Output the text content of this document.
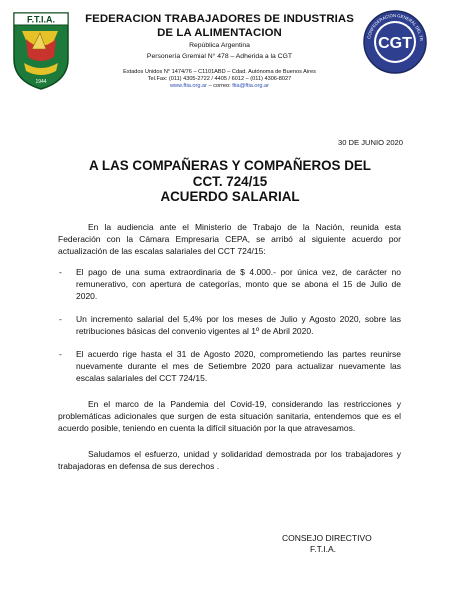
F.T.I.A.
1944
FEDERACION TRABAJADORES DE INDUSTRIAS
DE LA ALIMENTACION
República Argentina
Personería Gremial N° 478 – Adherida a la CGT
Estados Unidos N° 1474/76 – C1101ABD – Cdad. Autónoma de Buenos Aires
Tel.Fax: (011) 4305-2722 / 4405 / 6012 – (011) 4306-8027
www.ftia.org.ar – correo: ftia@ftia.org.ar
CGT
CONFEDERACION GENERAL DEL TR
30 DE JUNIO 2020
A LAS COMPAÑERAS Y COMPAÑEROS DEL
CCT. 724/15
ACUERDO SALARIAL

En la audiencia ante el Ministerio de Trabajo de la Nación, reunida esta Federación con la Cámara Empresaria CEPA, se arribó al siguiente acuerdo por actualización de las escalas salariales del CCT 724/15:

- El pago de una suma extraordinaria de $ 4.000.- por única vez, de carácter no remunerativo, con apertura de categorías, monto que se abona el 15 de Julio de 2020.
- Un incremento salarial del 5,4% por los meses de Julio y Agosto 2020, sobre las retribuciones básicas del convenio vigentes al 1º de Abril 2020.
- El acuerdo rige hasta el 31 de Agosto 2020, comprometiendo las partes reunirse nuevamente durante el mes de Setiembre 2020 para actualizar nuevamente las escalas salariales del CCT 724/15.

En el marco de la Pandemia del Covid-19, considerando las restricciones y problemáticas adicionales que surgen de esta situación sanitaria, entendemos que es el acuerdo posible, teniendo en cuenta la difícil situación por la que atravesamos.

Saludamos el esfuerzo, unidad y solidaridad demostrada por los trabajadores y trabajadoras en defensa de sus derechos .

CONSEJO DIRECTIVO
F.T.I.A.
